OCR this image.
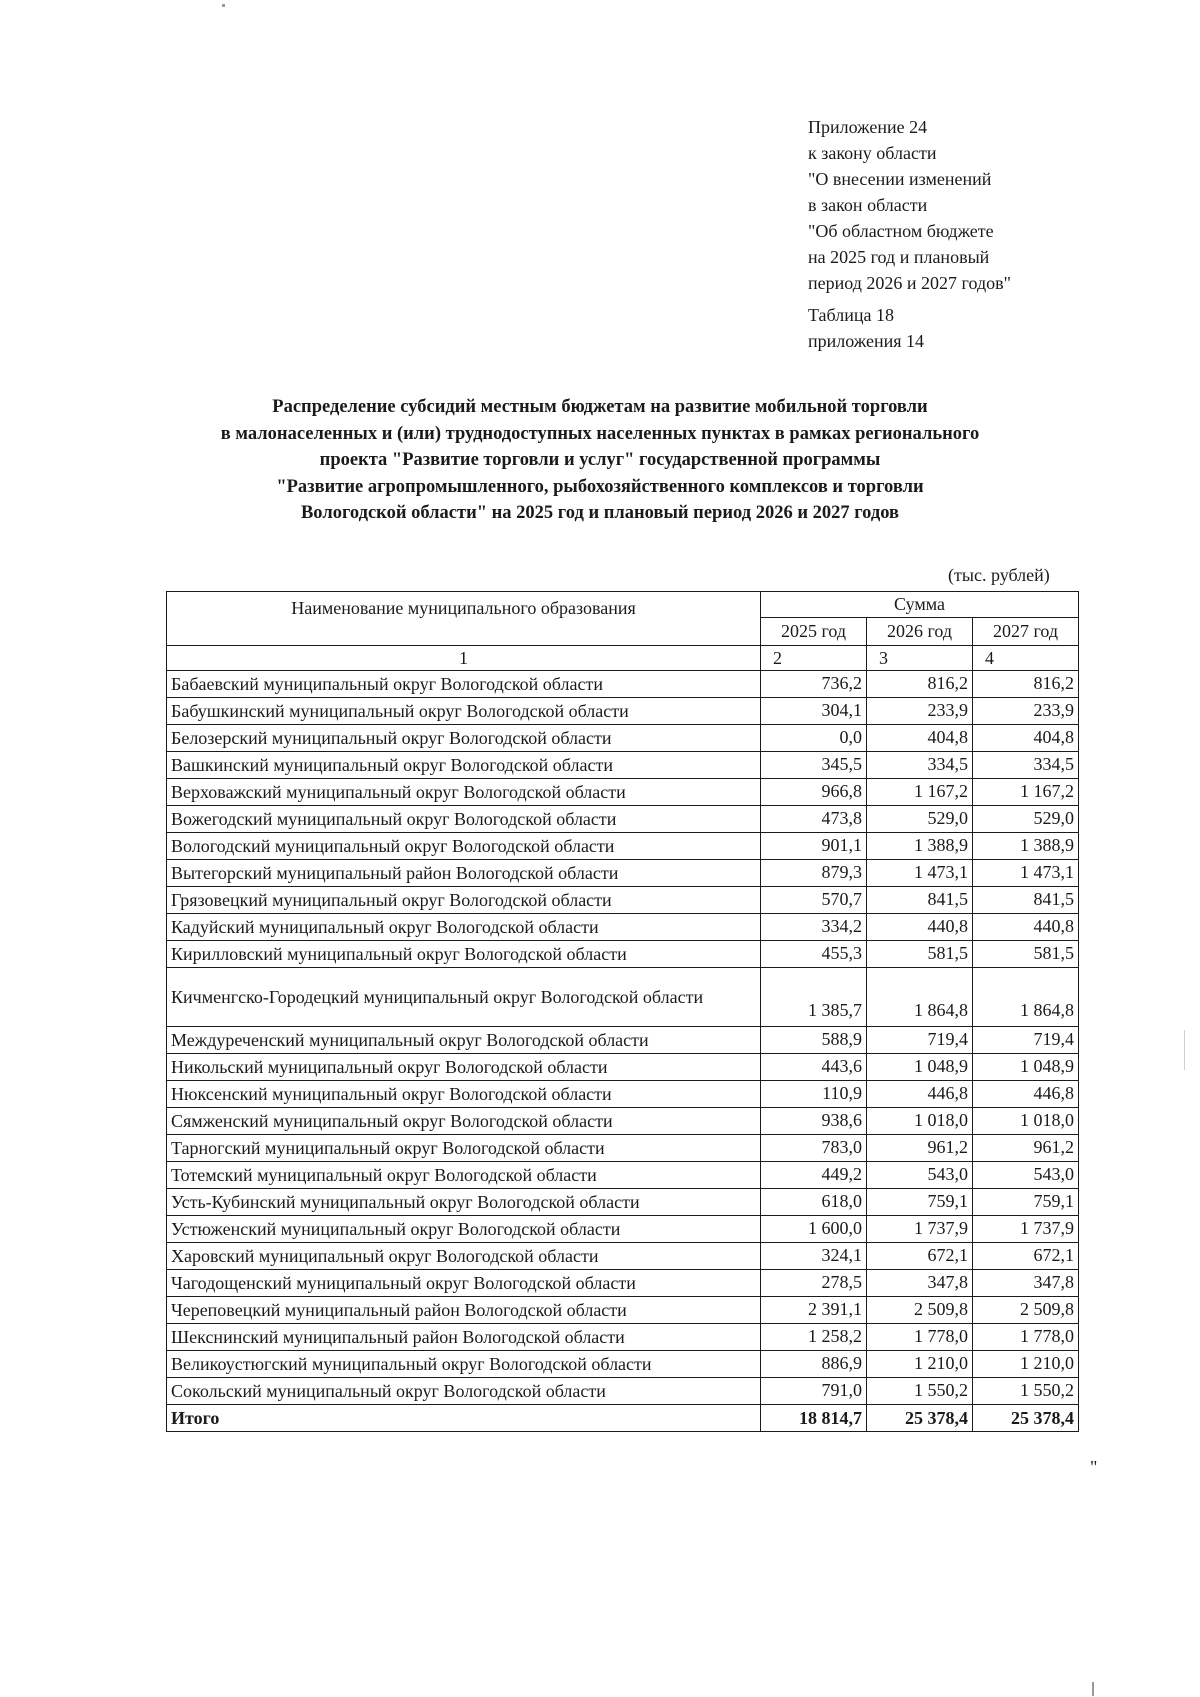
Приложение 24
к закону области
"О внесении изменений
в закон области
"Об областном бюджете
на 2025 год и плановый
период 2026 и 2027 годов"
Таблица 18
приложения 14
Распределение субсидий местным бюджетам на развитие мобильной торговли
в малонаселенных и (или) труднодоступных населенных пунктах в рамках регионального
проекта "Развитие торговли и услуг" государственной программы
"Развитие агропромышленного, рыбохозяйственного комплексов и торговли
Вологодской области" на 2025 год и плановый период 2026 и 2027 годов
(тыс. рублей)
Наименование муниципального образования	Сумма		
	2025 год	2026 год	2027 год
1	2	3	4
Бабаевский муниципальный округ Вологодской области	736,2	816,2	816,2
Бабушкинский муниципальный округ Вологодской области	304,1	233,9	233,9
Белозерский муниципальный округ Вологодской области	0,0	404,8	404,8
Вашкинский муниципальный округ Вологодской области	345,5	334,5	334,5
Верховажский муниципальный округ Вологодской области	966,8	1 167,2	1 167,2
Вожегодский муниципальный округ Вологодской области	473,8	529,0	529,0
Вологодский муниципальный округ Вологодской области	901,1	1 388,9	1 388,9
Вытегорский муниципальный район Вологодской области	879,3	1 473,1	1 473,1
Грязовецкий муниципальный округ Вологодской области	570,7	841,5	841,5
Кадуйский муниципальный округ Вологодской области	334,2	440,8	440,8
Кирилловский муниципальный округ Вологодской области	455,3	581,5	581,5
Кичменгско-Городецкий муниципальный округ Вологодской области	1 385,7	1 864,8	1 864,8
Междуреченский муниципальный округ Вологодской области	588,9	719,4	719,4
Никольский муниципальный округ Вологодской области	443,6	1 048,9	1 048,9
Нюксенский муниципальный округ Вологодской области	110,9	446,8	446,8
Сямженский муниципальный округ Вологодской области	938,6	1 018,0	1 018,0
Тарногский муниципальный округ Вологодской области	783,0	961,2	961,2
Тотемский муниципальный округ Вологодской области	449,2	543,0	543,0
Усть-Кубинский муниципальный округ Вологодской области	618,0	759,1	759,1
Устюженский муниципальный округ Вологодской области	1 600,0	1 737,9	1 737,9
Харовский муниципальный округ Вологодской области	324,1	672,1	672,1
Чагодощенский муниципальный округ Вологодской области	278,5	347,8	347,8
Череповецкий муниципальный район Вологодской области	2 391,1	2 509,8	2 509,8
Шекснинский муниципальный район Вологодской области	1 258,2	1 778,0	1 778,0
Великоустюгский муниципальный округ Вологодской области	886,9	1 210,0	1 210,0
Сокольский муниципальный округ Вологодской области	791,0	1 550,2	1 550,2
Итого	18 814,7	25 378,4	25 378,4
"
